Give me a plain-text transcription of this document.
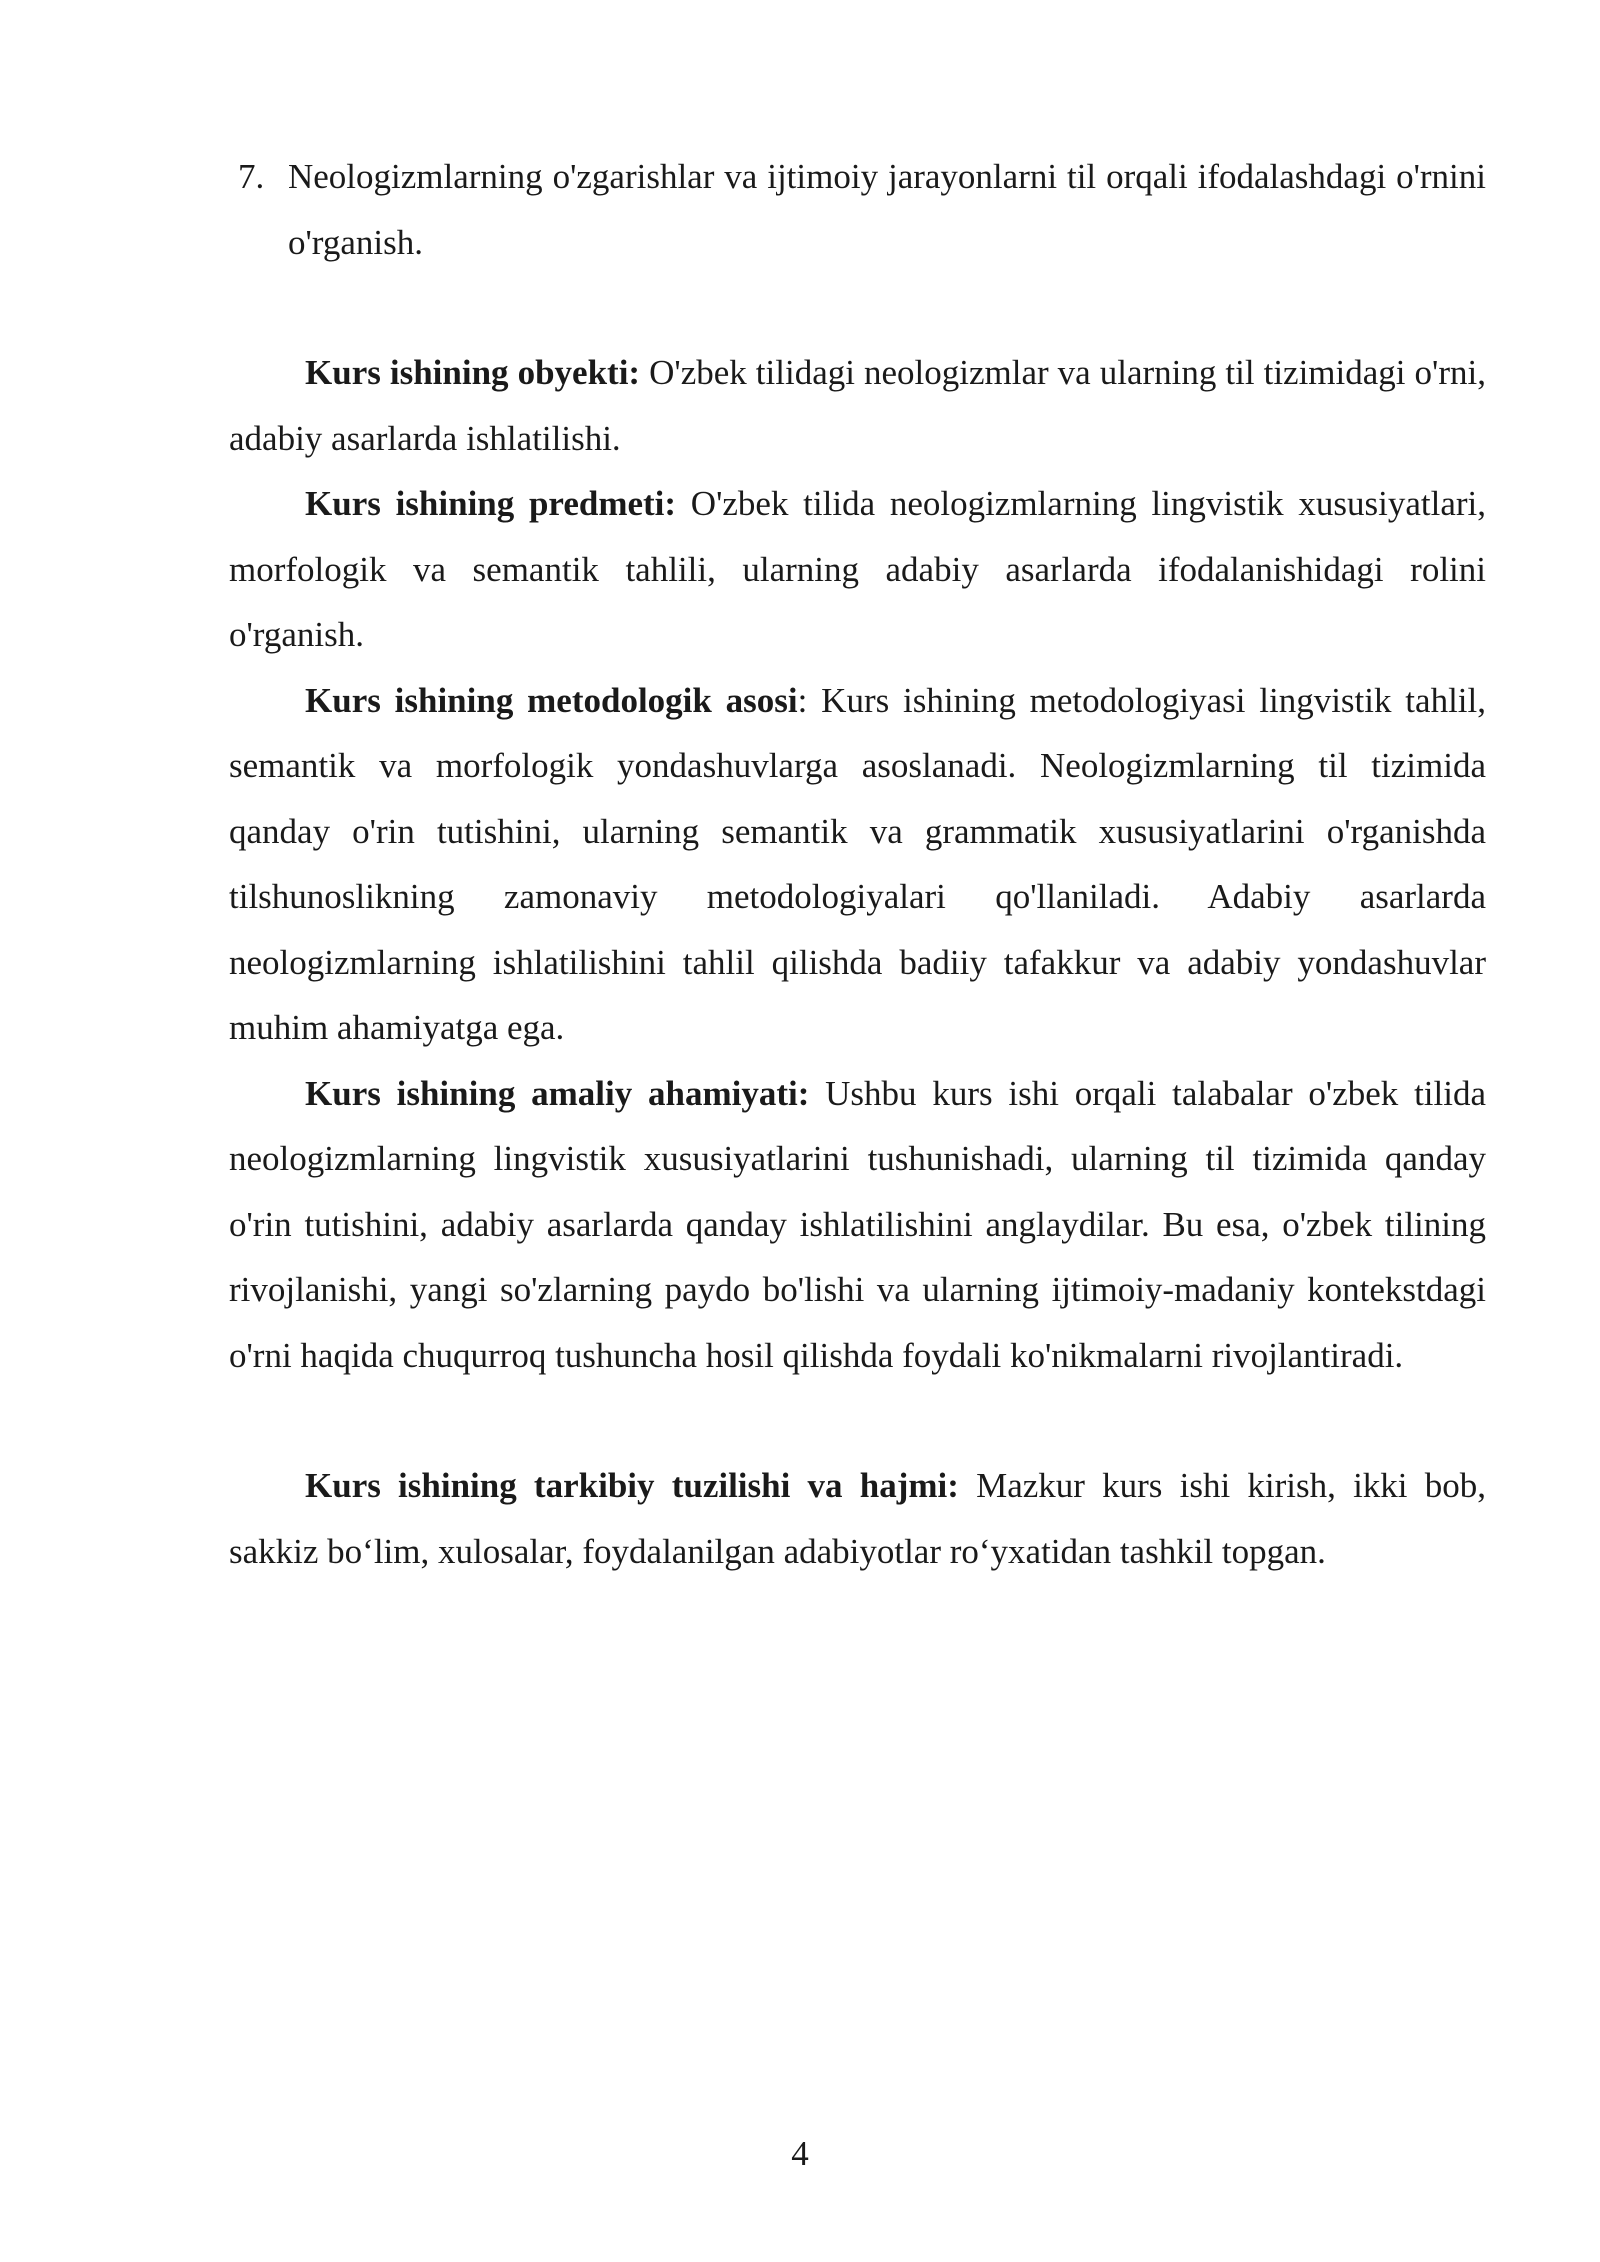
7. Neologizmlarning o'zgarishlar va ijtimoiy jarayonlarni til orqali ifodalashdagi o'rnini o'rganish.

Kurs ishining obyekti: O'zbek tilidagi neologizmlar va ularning til tizimidagi o'rni, adabiy asarlarda ishlatilishi.

Kurs ishining predmeti: O'zbek tilida neologizmlarning lingvistik xususiyatlari, morfologik va semantik tahlili, ularning adabiy asarlarda ifodalanishidagi rolini o'rganish.

Kurs ishining metodologik asosi: Kurs ishining metodologiyasi lingvistik tahlil, semantik va morfologik yondashuvlarga asoslanadi. Neologizmlarning til tizimida qanday o'rin tutishini, ularning semantik va grammatik xususiyatlarini o'rganishda tilshunoslikning zamonaviy metodologiyalari qo'llaniladi. Adabiy asarlarda neologizmlarning ishlatilishini tahlil qilishda badiiy tafakkur va adabiy yondashuvlar muhim ahamiyatga ega.

Kurs ishining amaliy ahamiyati: Ushbu kurs ishi orqali talabalar o'zbek tilida neologizmlarning lingvistik xususiyatlarini tushunishadi, ularning til tizimida qanday o'rin tutishini, adabiy asarlarda qanday ishlatilishini anglaydilar. Bu esa, o'zbek tilining rivojlanishi, yangi so'zlarning paydo bo'lishi va ularning ijtimoiy-madaniy kontekstdagi o'rni haqida chuqurroq tushuncha hosil qilishda foydali ko'nikmalarni rivojlantiradi.

Kurs ishining tarkibiy tuzilishi va hajmi: Mazkur kurs ishi kirish, ikki bob, sakkiz bo‘lim, xulosalar, foydalanilgan adabiyotlar ro‘yxatidan tashkil topgan.

4
